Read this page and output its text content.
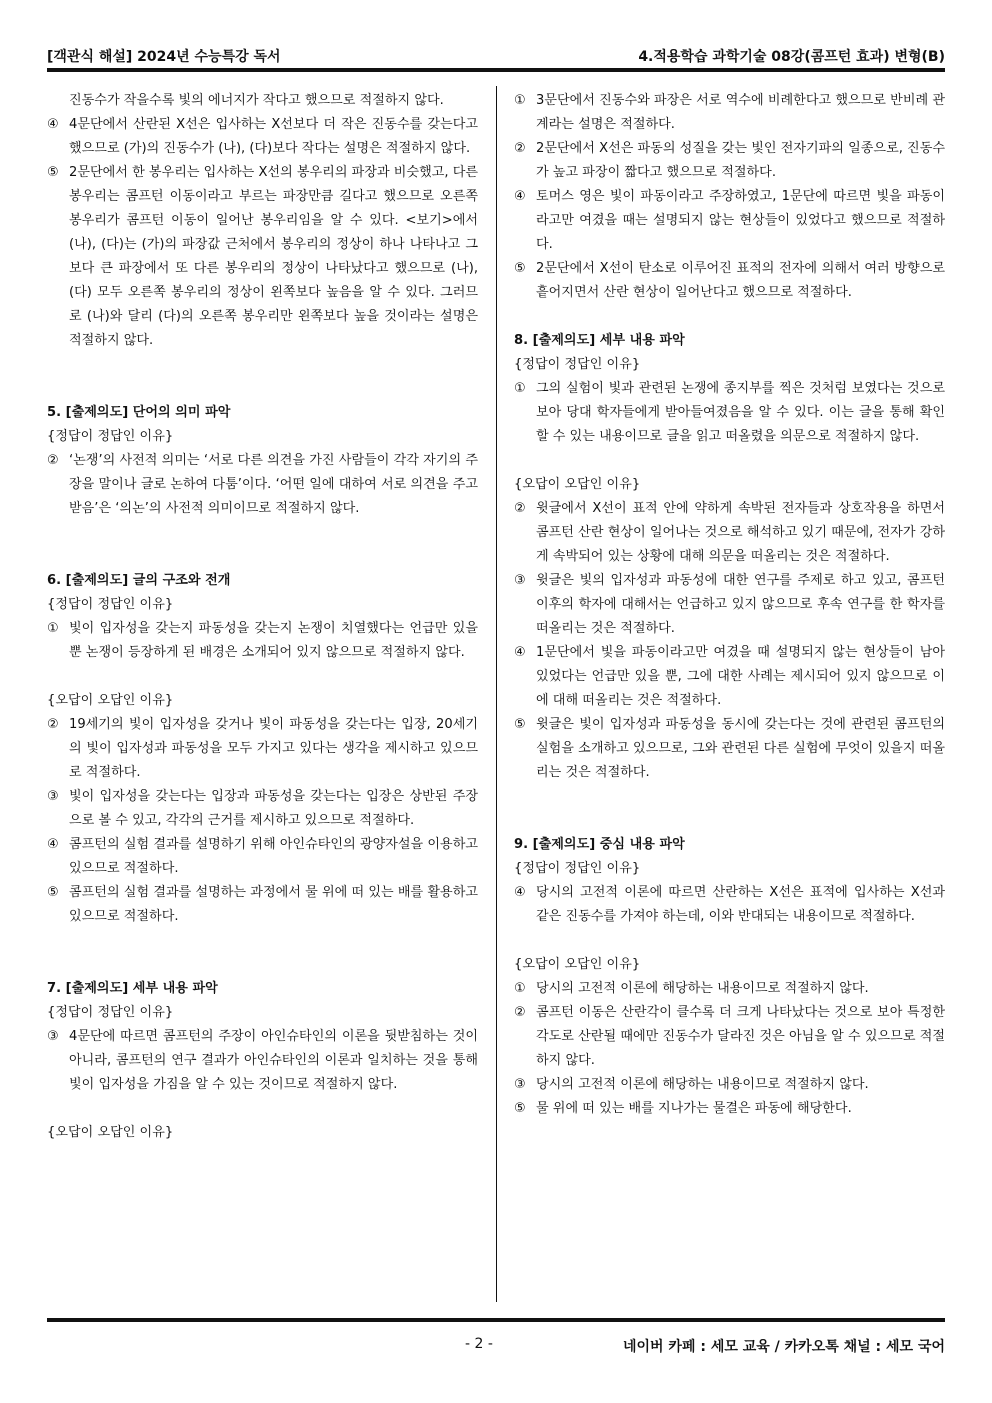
[객관식 해설] 2024년 수능특강 독서	4.적용학습 과학기술 08강(콤프턴 효과) 변형(B)
진동수가 작을수록 빛의 에너지가 작다고 했으므로 적절하지 않다.
④ 4문단에서 산란된 X선은 입사하는 X선보다 더 작은 진동수를 갖는다고 했으므로 (가)의 진동수가 (나), (다)보다 작다는 설명은 적절하지 않다.
⑤ 2문단에서 한 봉우리는 입사하는 X선의 봉우리의 파장과 비슷했고, 다른 봉우리는 콤프턴 이동이라고 부르는 파장만큼 길다고 했으므로 오른쪽 봉우리가 콤프턴 이동이 일어난 봉우리임을 알 수 있다. <보기>에서 (나), (다)는 (가)의 파장값 근처에서 봉우리의 정상이 하나 나타나고 그보다 큰 파장에서 또 다른 봉우리의 정상이 나타났다고 했으므로 (나), (다) 모두 오른쪽 봉우리의 정상이 왼쪽보다 높음을 알 수 있다. 그러므로 (나)와 달리 (다)의 오른쪽 봉우리만 왼쪽보다 높을 것이라는 설명은 적절하지 않다.
5. [출제의도] 단어의 의미 파악
{정답이 정답인 이유}
② ‘논쟁’의 사전적 의미는 ‘서로 다른 의견을 가진 사람들이 각각 자기의 주장을 말이나 글로 논하여 다툼’이다. ‘어떤 일에 대하여 서로 의견을 주고받음’은 ‘의논’의 사전적 의미이므로 적절하지 않다.
6. [출제의도] 글의 구조와 전개
{정답이 정답인 이유}
① 빛이 입자성을 갖는지 파동성을 갖는지 논쟁이 치열했다는 언급만 있을 뿐 논쟁이 등장하게 된 배경은 소개되어 있지 않으므로 적절하지 않다.
{오답이 오답인 이유}
② 19세기의 빛이 입자성을 갖거나 빛이 파동성을 갖는다는 입장, 20세기의 빛이 입자성과 파동성을 모두 가지고 있다는 생각을 제시하고 있으므로 적절하다.
③ 빛이 입자성을 갖는다는 입장과 파동성을 갖는다는 입장은 상반된 주장으로 볼 수 있고, 각각의 근거를 제시하고 있으므로 적절하다.
④ 콤프턴의 실험 결과를 설명하기 위해 아인슈타인의 광양자설을 이용하고 있으므로 적절하다.
⑤ 콤프턴의 실험 결과를 설명하는 과정에서 물 위에 떠 있는 배를 활용하고 있으므로 적절하다.
7. [출제의도] 세부 내용 파악
{정답이 정답인 이유}
③ 4문단에 따르면 콤프턴의 주장이 아인슈타인의 이론을 뒷받침하는 것이 아니라, 콤프턴의 연구 결과가 아인슈타인의 이론과 일치하는 것을 통해 빛이 입자성을 가짐을 알 수 있는 것이므로 적절하지 않다.
{오답이 오답인 이유}
① 3문단에서 진동수와 파장은 서로 역수에 비례한다고 했으므로 반비례 관계라는 설명은 적절하다.
② 2문단에서 X선은 파동의 성질을 갖는 빛인 전자기파의 일종으로, 진동수가 높고 파장이 짧다고 했으므로 적절하다.
④ 토머스 영은 빛이 파동이라고 주장하였고, 1문단에 따르면 빛을 파동이라고만 여겼을 때는 설명되지 않는 현상들이 있었다고 했으므로 적절하다.
⑤ 2문단에서 X선이 탄소로 이루어진 표적의 전자에 의해서 여러 방향으로 흩어지면서 산란 현상이 일어난다고 했으므로 적절하다.
8. [출제의도] 세부 내용 파악
{정답이 정답인 이유}
① 그의 실험이 빛과 관련된 논쟁에 종지부를 찍은 것처럼 보였다는 것으로 보아 당대 학자들에게 받아들여졌음을 알 수 있다. 이는 글을 통해 확인할 수 있는 내용이므로 글을 읽고 떠올렸을 의문으로 적절하지 않다.
{오답이 오답인 이유}
② 윗글에서 X선이 표적 안에 약하게 속박된 전자들과 상호작용을 하면서 콤프턴 산란 현상이 일어나는 것으로 해석하고 있기 때문에, 전자가 강하게 속박되어 있는 상황에 대해 의문을 떠올리는 것은 적절하다.
③ 윗글은 빛의 입자성과 파동성에 대한 연구를 주제로 하고 있고, 콤프턴 이후의 학자에 대해서는 언급하고 있지 않으므로 후속 연구를 한 학자를 떠올리는 것은 적절하다.
④ 1문단에서 빛을 파동이라고만 여겼을 때 설명되지 않는 현상들이 남아 있었다는 언급만 있을 뿐, 그에 대한 사례는 제시되어 있지 않으므로 이에 대해 떠올리는 것은 적절하다.
⑤ 윗글은 빛이 입자성과 파동성을 동시에 갖는다는 것에 관련된 콤프턴의 실험을 소개하고 있으므로, 그와 관련된 다른 실험에 무엇이 있을지 떠올리는 것은 적절하다.
9. [출제의도] 중심 내용 파악
{정답이 정답인 이유}
④ 당시의 고전적 이론에 따르면 산란하는 X선은 표적에 입사하는 X선과 같은 진동수를 가져야 하는데, 이와 반대되는 내용이므로 적절하다.
{오답이 오답인 이유}
① 당시의 고전적 이론에 해당하는 내용이므로 적절하지 않다.
② 콤프턴 이동은 산란각이 클수록 더 크게 나타났다는 것으로 보아 특정한 각도로 산란될 때에만 진동수가 달라진 것은 아님을 알 수 있으므로 적절하지 않다.
③ 당시의 고전적 이론에 해당하는 내용이므로 적절하지 않다.
⑤ 물 위에 떠 있는 배를 지나가는 물결은 파동에 해당한다.
- 2 -	네이버 카페 : 세모 교육 / 카카오톡 채널 : 세모 국어
